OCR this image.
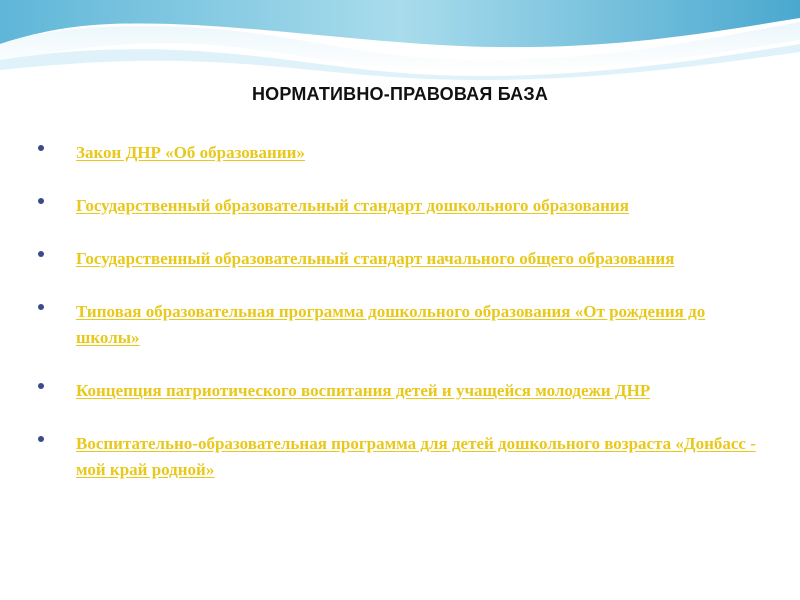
НОРМАТИВНО-ПРАВОВАЯ БАЗА
Закон ДНР «Об образовании»
Государственный образовательный стандарт дошкольного образования
Государственный образовательный стандарт начального общего образования
Типовая образовательная программа дошкольного образования «От рождения до школы»
Концепция патриотического воспитания детей и учащейся молодежи ДНР
Воспитательно-образовательная программа для детей дошкольного возраста «Донбасс - мой край родной»
